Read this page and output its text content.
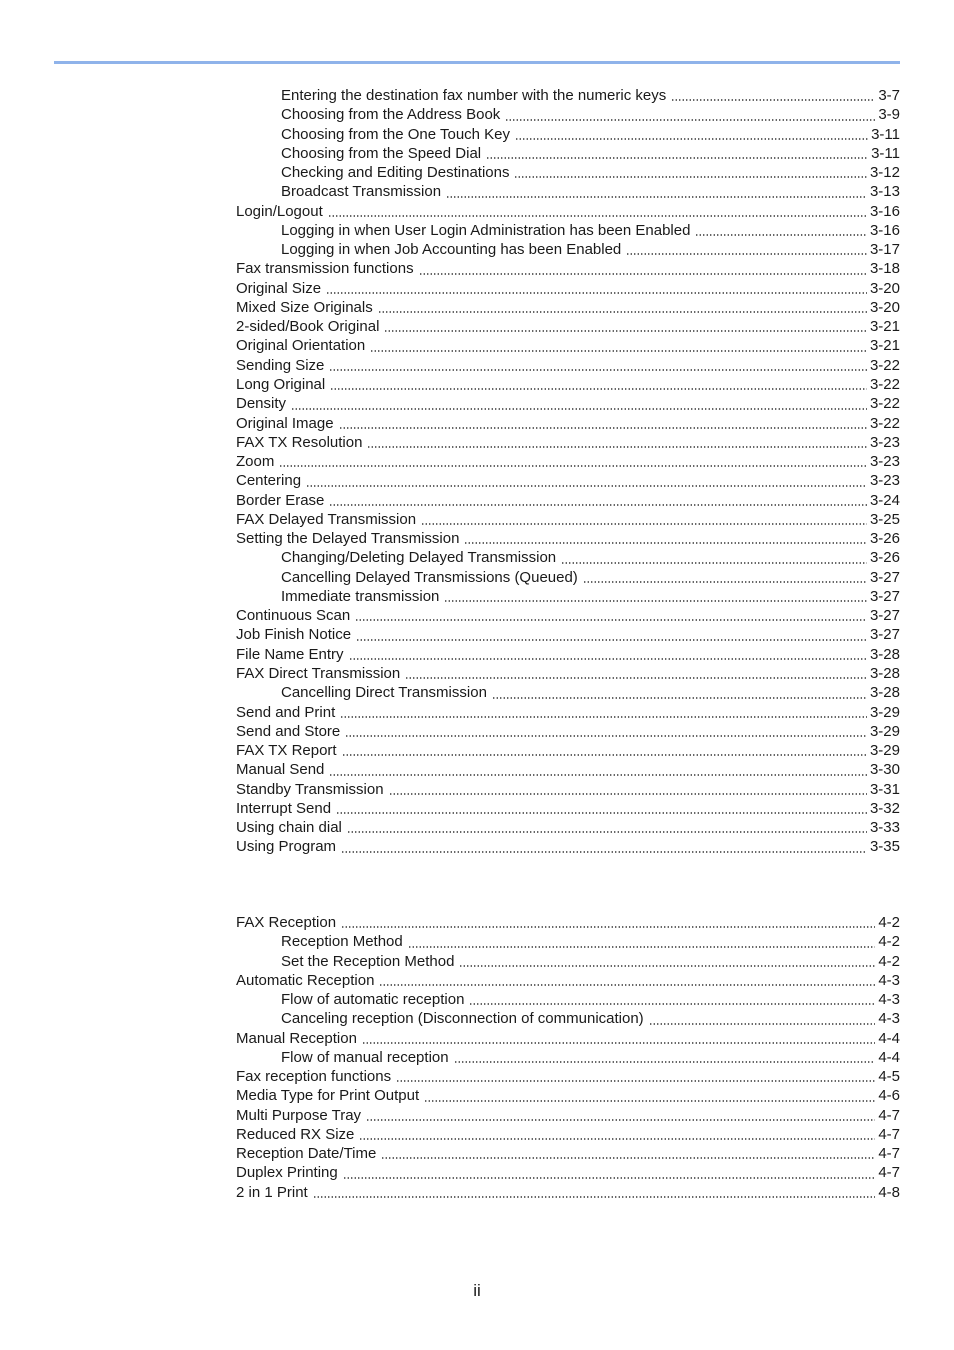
Entering the destination fax number with the numeric keys	3-7
Choosing from the Address Book	3-9
Choosing from the One Touch Key	3-11
Choosing from the Speed Dial	3-11
Checking and Editing Destinations	3-12
Broadcast Transmission	3-13
Login/Logout	3-16
Logging in when User Login Administration has been Enabled	3-16
Logging in when Job Accounting has been Enabled	3-17
Fax transmission functions	3-18
Original Size	3-20
Mixed Size Originals	3-20
2-sided/Book Original	3-21
Original Orientation	3-21
Sending Size	3-22
Long Original	3-22
Density	3-22
Original Image	3-22
FAX TX Resolution	3-23
Zoom	3-23
Centering	3-23
Border Erase	3-24
FAX Delayed Transmission	3-25
Setting the Delayed Transmission	3-26
Changing/Deleting Delayed Transmission	3-26
Cancelling Delayed Transmissions (Queued)	3-27
Immediate transmission	3-27
Continuous Scan	3-27
Job Finish Notice	3-27
File Name Entry	3-28
FAX Direct Transmission	3-28
Cancelling Direct Transmission	3-28
Send and Print	3-29
Send and Store	3-29
FAX TX Report	3-29
Manual Send	3-30
Standby Transmission	3-31
Interrupt Send	3-32
Using chain dial	3-33
Using Program	3-35
FAX Reception	4-2
Reception Method	4-2
Set the Reception Method	4-2
Automatic Reception	4-3
Flow of automatic reception	4-3
Canceling reception (Disconnection of communication)	4-3
Manual Reception	4-4
Flow of manual reception	4-4
Fax reception functions	4-5
Media Type for Print Output	4-6
Multi Purpose Tray	4-7
Reduced RX Size	4-7
Reception Date/Time	4-7
Duplex Printing	4-7
2 in 1 Print	4-8
ii
